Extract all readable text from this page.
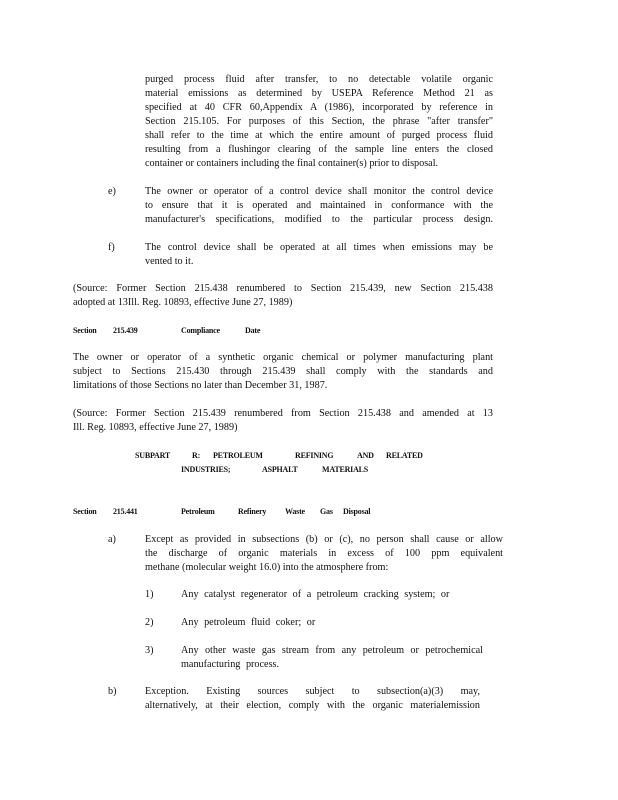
purged process fluid after transfer, to no detectable volatile organic
material emissions as determined by USEPA Reference Method 21 as
specified at 40 CFR 60,Appendix A (1986), incorporated by reference in
Section 215.105. For purposes of this Section, the phrase "after transfer"
shall refer to the time at which the entire amount of purged process fluid
resulting from a flushingor clearing of the sample line enters the closed
container or containers including the final container(s) prior to disposal.
e)	The owner or operator of a control device shall monitor the control device
to ensure that it is operated and maintained in conformance with the
manufacturer's specifications, modified to the particular process design.
f)	The control device shall be operated at all times when emissions may be
vented to it.
(Source: Former Section 215.438 renumbered to Section 215.439, new Section 215.438
adopted at 13Ill. Reg. 10893, effective June 27, 1989)
Section 215.439	Compliance	Date
The owner or operator of a synthetic organic chemical or polymer manufacturing plant
subject to Sections 215.430 through 215.439 shall comply with the standards and
limitations of those Sections no later than December 31, 1987.
(Source: Former Section 215.439 renumbered from Section 215.438 and amended at 13
Ill. Reg. 10893, effective June 27, 1989)
SUBPART	R: PETROLEUM	REFINING	AND RELATED
INDUSTRIES;	ASPHALT	MATERIALS
Section 215.441	Petroleum	Refinery Waste Gas Disposal
a)	Except as provided in subsections (b) or (c), no person shall cause or allow
the discharge of organic materials in excess of 100 ppm equivalent
methane (molecular weight 16.0) into the atmosphere from:
1)	Any catalyst regenerator of a petroleum cracking system; or
2)	Any petroleum fluid coker; or
3)	Any other waste gas stream from any petroleum or petrochemical
manufacturing process.
b)	Exception. Existing sources subject to subsection(a)(3) may,
alternatively, at their election, comply with the organic materialemission
